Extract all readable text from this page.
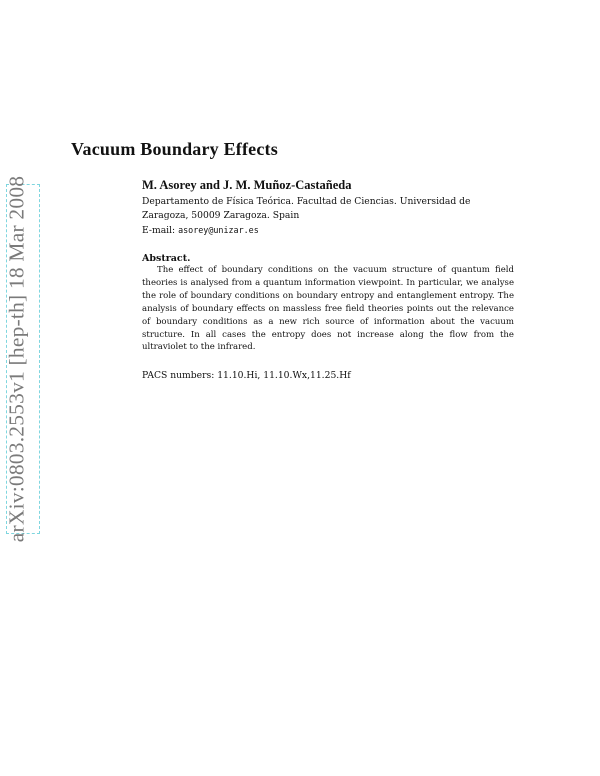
arXiv:0803.2553v1 [hep-th] 18 Mar 2008
Vacuum Boundary Effects
M. Asorey and J. M. Muñoz-Castañeda
Departamento de Física Teórica. Facultad de Ciencias. Universidad de Zaragoza, 50009 Zaragoza. Spain
E-mail: asorey@unizar.es
Abstract.
The effect of boundary conditions on the vacuum structure of quantum field theories is analysed from a quantum information viewpoint. In particular, we analyse the role of boundary conditions on boundary entropy and entanglement entropy. The analysis of boundary effects on massless free field theories points out the relevance of boundary conditions as a new rich source of information about the vacuum structure. In all cases the entropy does not increase along the flow from the ultraviolet to the infrared.
PACS numbers: 11.10.Hi, 11.10.Wx,11.25.Hf
